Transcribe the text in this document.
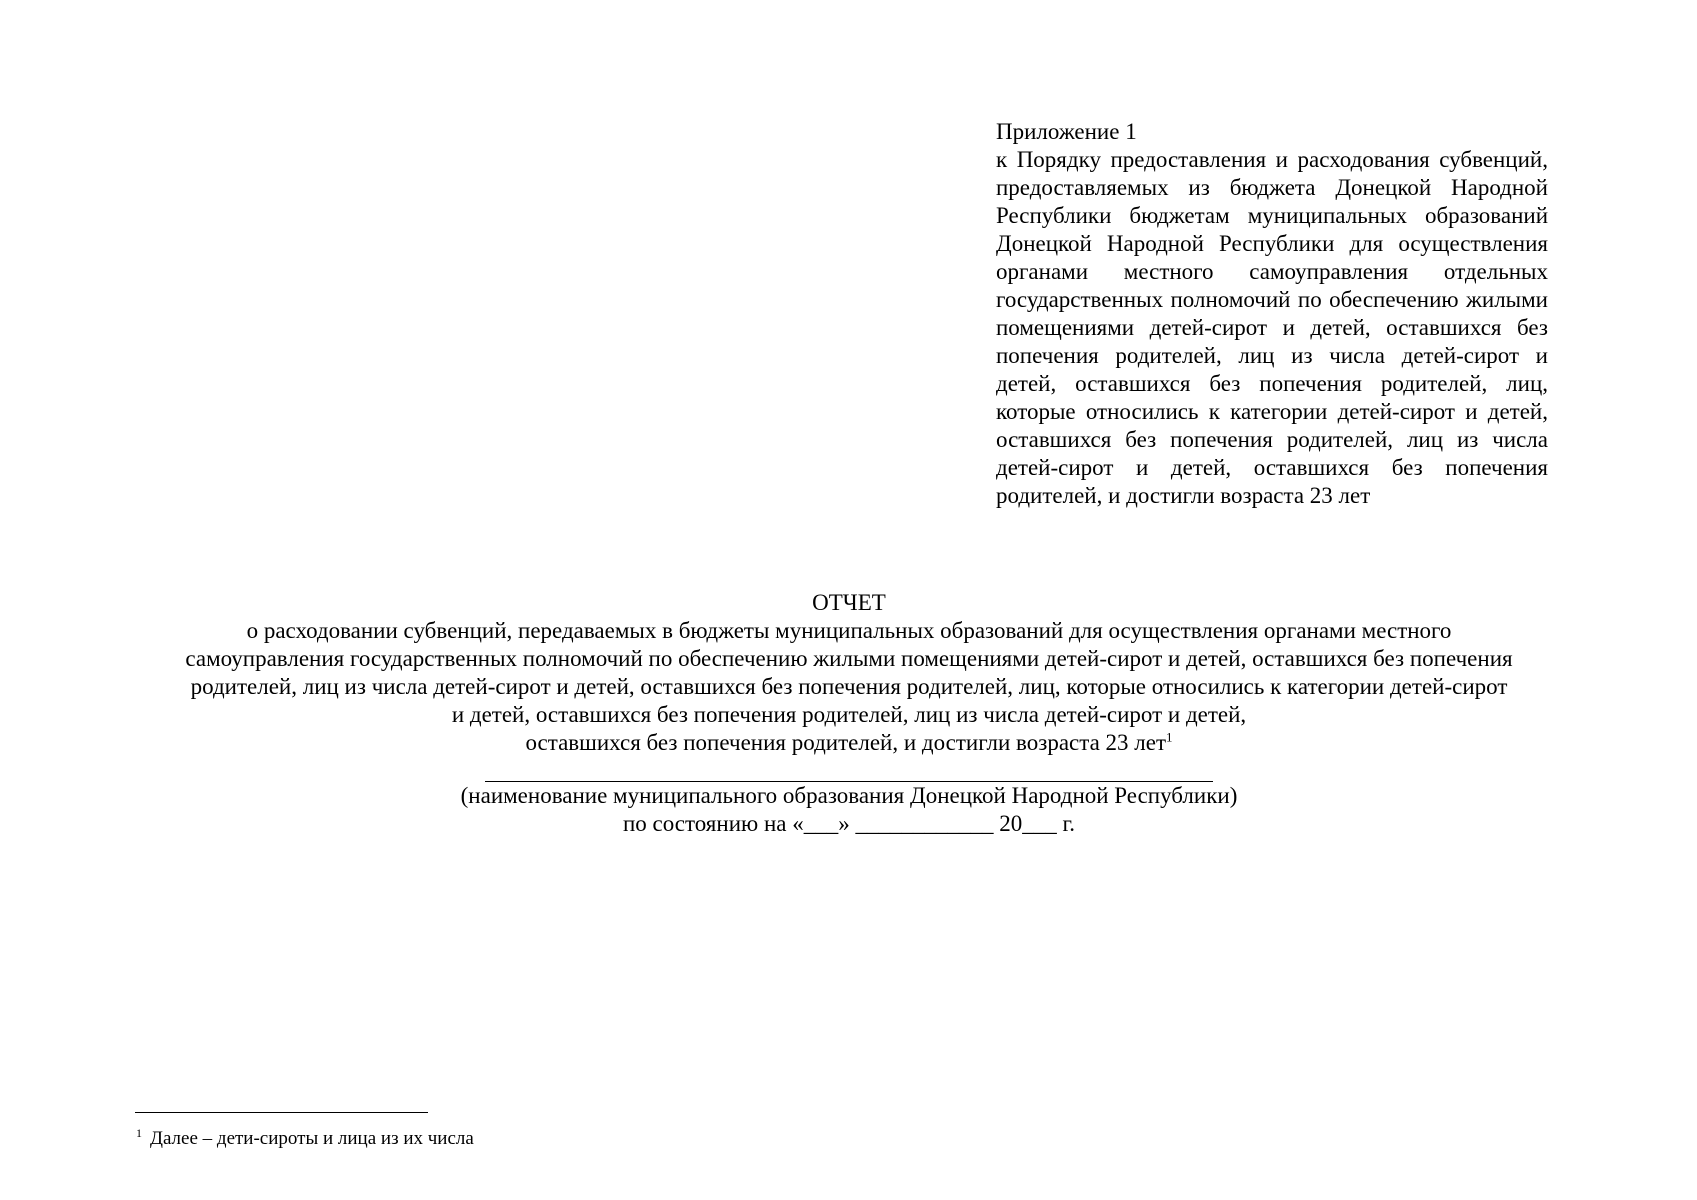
Приложение 1
к Порядку предоставления и расходования субвенций, предоставляемых из бюджета Донецкой Народной Республики бюджетам муниципальных образований Донецкой Народной Республики для осуществления органами местного самоуправления отдельных государственных полномочий по обеспечению жилыми помещениями детей-сирот и детей, оставшихся без попечения родителей, лиц из числа детей-сирот и детей, оставшихся без попечения родителей, лиц, которые относились к категории детей-сирот и детей, оставшихся без попечения родителей, лиц из числа детей-сирот и детей, оставшихся без попечения родителей, и достигли возраста 23 лет
ОТЧЕТ
о расходовании субвенций, передаваемых в бюджеты муниципальных образований для осуществления органами местного
самоуправления государственных полномочий по обеспечению жилыми помещениями детей-сирот и детей, оставшихся без попечения
родителей, лиц из числа детей-сирот и детей, оставшихся без попечения родителей, лиц, которые относились к категории детей-сирот
и детей, оставшихся без попечения родителей, лиц из числа детей-сирот и детей,
оставшихся без попечения родителей, и достигли возраста 23 лет$^1$
(наименование муниципального образования Донецкой Народной Республики)
по состоянию на «___» ____________ 20___ г.
$^1$ Далее – дети-сироты и лица из их числа
